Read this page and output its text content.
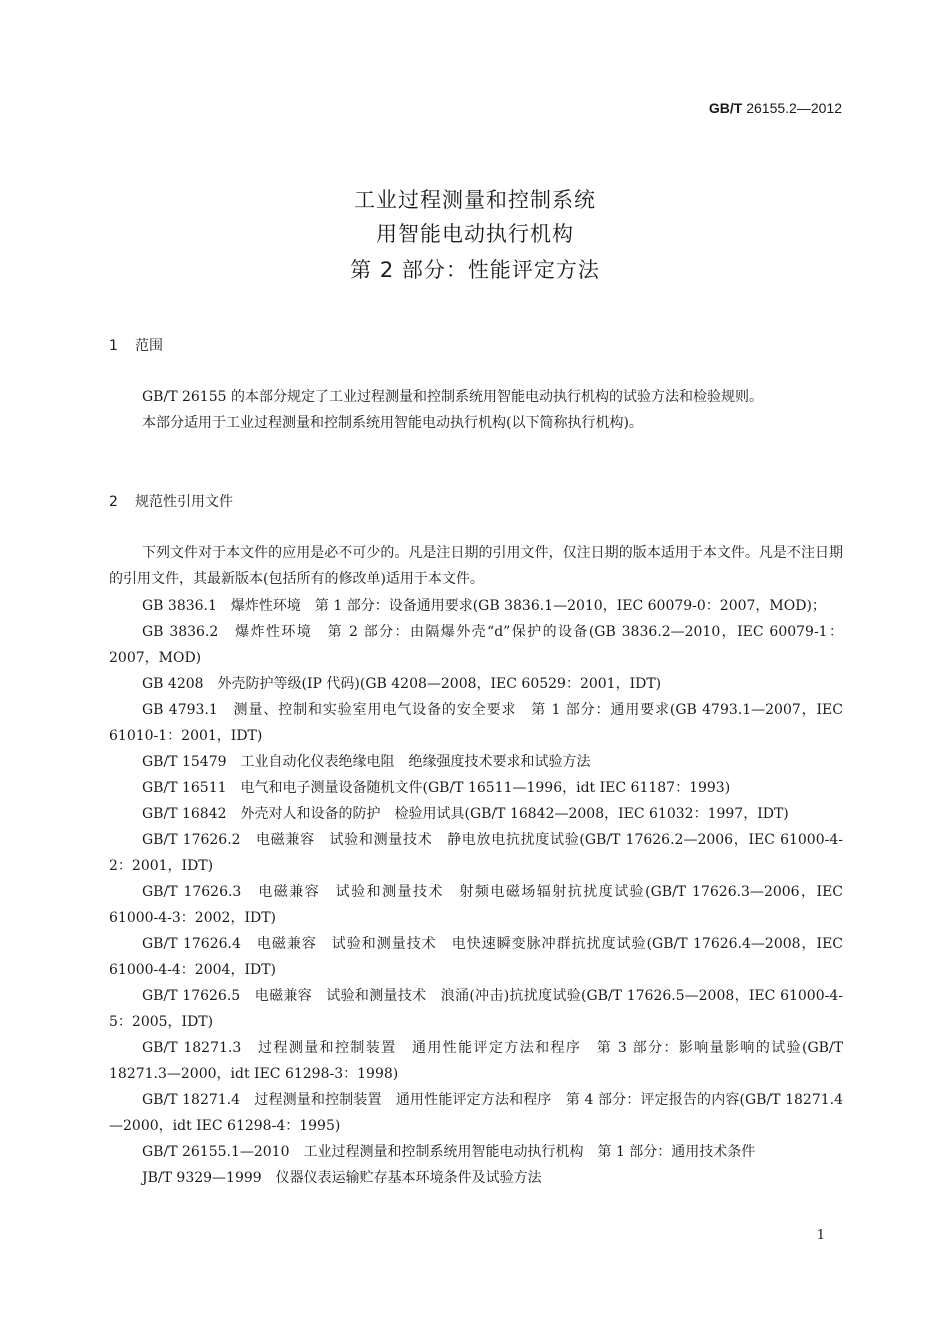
GB/T 26155.2—2012
工业过程测量和控制系统
用智能电动执行机构
第 2 部分：性能评定方法
1 范围

GB/T 26155 的本部分规定了工业过程测量和控制系统用智能电动执行机构的试验方法和检验规则。

本部分适用于工业过程测量和控制系统用智能电动执行机构(以下简称执行机构)。

2 规范性引用文件

下列文件对于本文件的应用是必不可少的。凡是注日期的引用文件，仅注日期的版本适用于本文件。凡是不注日期的引用文件，其最新版本(包括所有的修改单)适用于本文件。

GB 3836.1　爆炸性环境　第 1 部分：设备通用要求(GB 3836.1—2010，IEC 60079-0：2007，MOD)；

GB 3836.2　爆炸性环境　第 2 部分：由隔爆外壳“d”保护的设备(GB 3836.2—2010，IEC 60079-1：2007，MOD)

GB 4208　外壳防护等级(IP 代码)(GB 4208—2008，IEC 60529：2001，IDT)

GB 4793.1　测量、控制和实验室用电气设备的安全要求　第 1 部分：通用要求(GB 4793.1—2007，IEC 61010-1：2001，IDT)

GB/T 15479　工业自动化仪表绝缘电阻　绝缘强度技术要求和试验方法

GB/T 16511　电气和电子测量设备随机文件(GB/T 16511—1996，idt IEC 61187：1993)

GB/T 16842　外壳对人和设备的防护　检验用试具(GB/T 16842—2008，IEC 61032：1997，IDT)

GB/T 17626.2　电磁兼容　试验和测量技术　静电放电抗扰度试验(GB/T 17626.2—2006，IEC 61000-4-2：2001，IDT)

GB/T 17626.3　电磁兼容　试验和测量技术　射频电磁场辐射抗扰度试验(GB/T 17626.3—2006，IEC 61000-4-3：2002，IDT)

GB/T 17626.4　电磁兼容　试验和测量技术　电快速瞬变脉冲群抗扰度试验(GB/T 17626.4—2008，IEC 61000-4-4：2004，IDT)

GB/T 17626.5　电磁兼容　试验和测量技术　浪涌(冲击)抗扰度试验(GB/T 17626.5—2008，IEC 61000-4-5：2005，IDT)

GB/T 18271.3　过程测量和控制装置　通用性能评定方法和程序　第 3 部分：影响量影响的试验(GB/T 18271.3—2000，idt IEC 61298-3：1998)

GB/T 18271.4　过程测量和控制装置　通用性能评定方法和程序　第 4 部分：评定报告的内容(GB/T 18271.4—2000，idt IEC 61298-4：1995)

GB/T 26155.1—2010　工业过程测量和控制系统用智能电动执行机构　第 1 部分：通用技术条件

JB/T 9329—1999　仪器仪表运输贮存基本环境条件及试验方法

1
